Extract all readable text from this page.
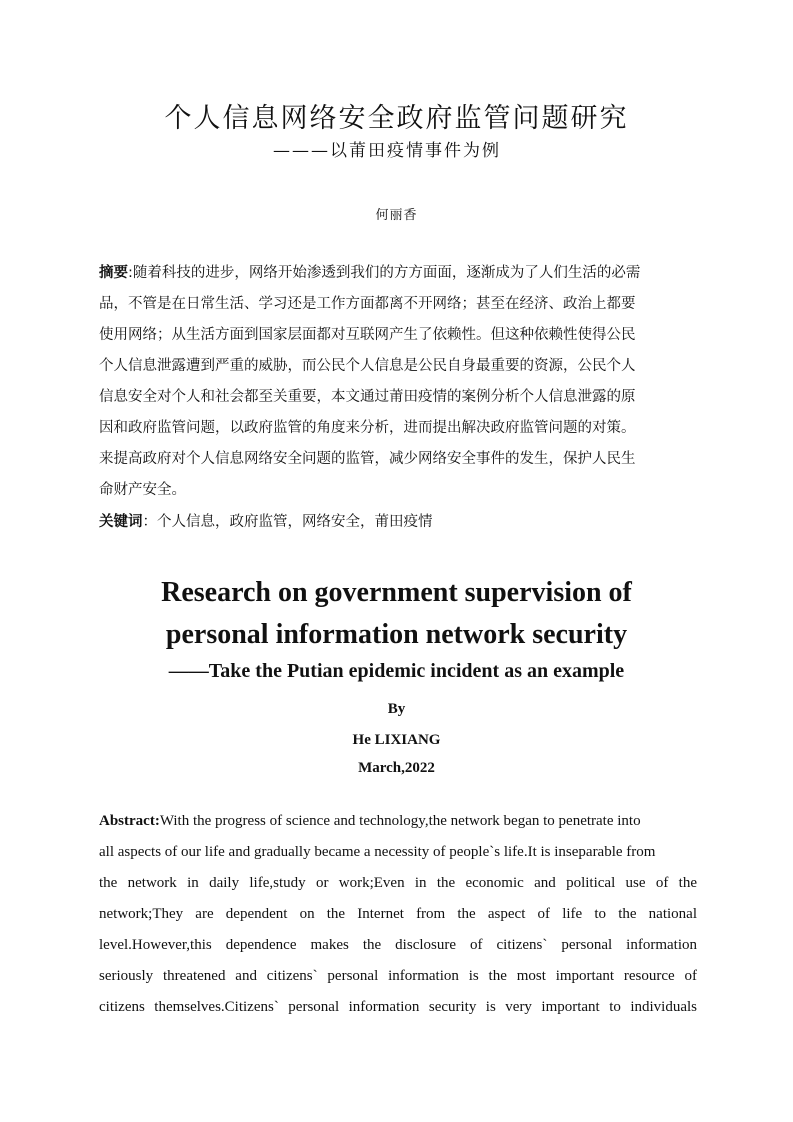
个人信息网络安全政府监管问题研究
———以莆田疫情事件为例
何丽香
摘要:随着科技的进步，网络开始渗透到我们的方方面面，逐渐成为了人们生活的必需
品，不管是在日常生活、学习还是工作方面都离不开网络；甚至在经济、政治上都要
使用网络；从生活方面到国家层面都对互联网产生了依赖性。但这种依赖性使得公民
个人信息泄露遭到严重的威胁，而公民个人信息是公民自身最重要的资源，公民个人
信息安全对个人和社会都至关重要，本文通过莆田疫情的案例分析个人信息泄露的原
因和政府监管问题，以政府监管的角度来分析，进而提出解决政府监管问题的对策。
来提高政府对个人信息网络安全问题的监管，减少网络安全事件的发生，保护人民生
命财产安全。
关键词：个人信息，政府监管，网络安全，莆田疫情
Research on government supervision of
personal information network security
——Take the Putian epidemic incident as an example
By
He LIXIANG
March,2022
Abstract:With the progress of science and technology,the network began to penetrate into
all aspects of our life and gradually became a necessity of people`s life.It is inseparable from
the network in daily life,study or work;Even in the economic and political use of the
network;They are dependent on the Internet from the aspect of life to the national
level.However,this dependence makes the disclosure of citizens` personal information
seriously threatened and citizens` personal information is the most important resource of
citizens themselves.Citizens` personal information security is very important to individuals
